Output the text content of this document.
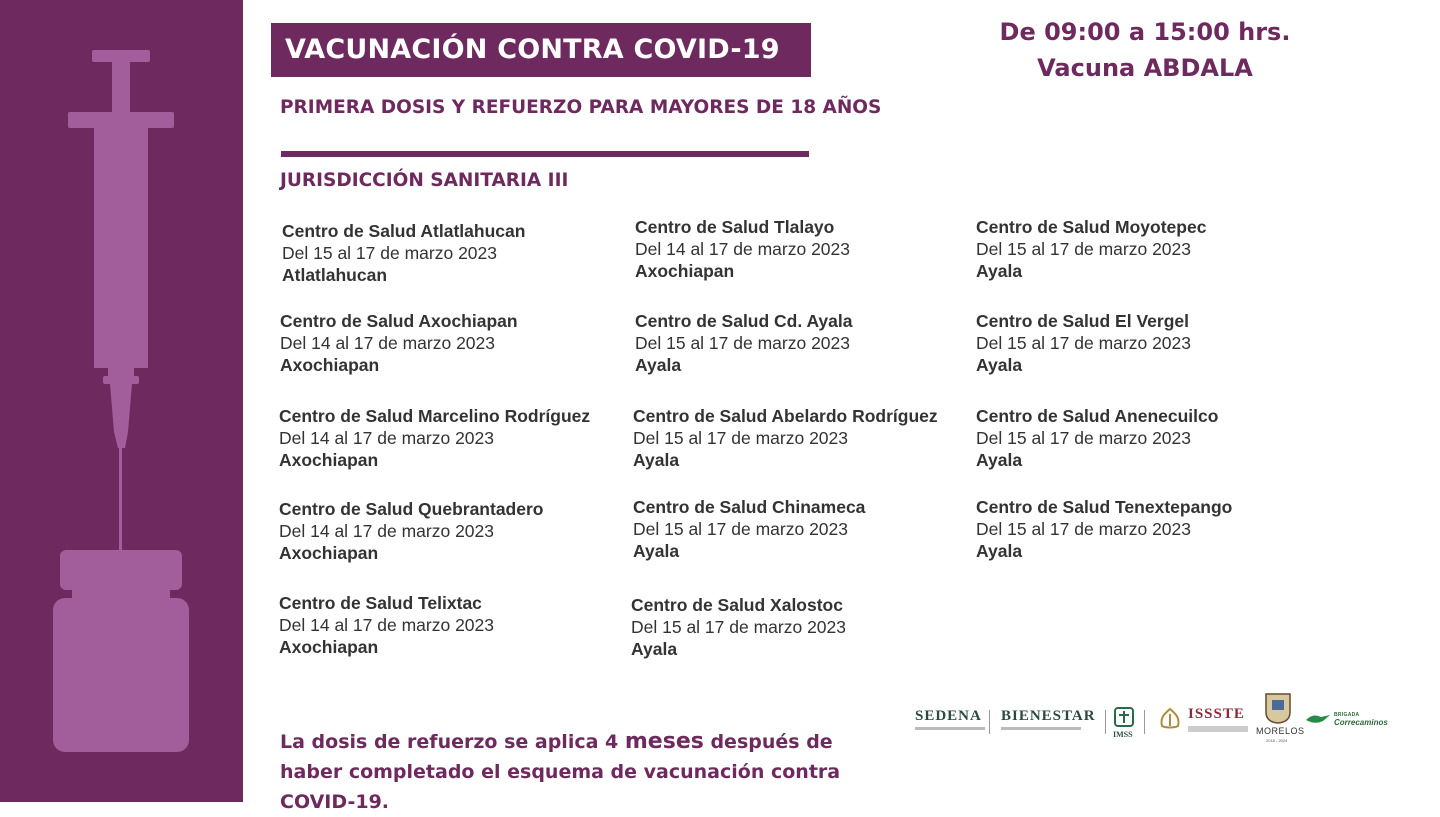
VACUNACIÓN CONTRA COVID-19
De 09:00 a 15:00 hrs.
Vacuna ABDALA
PRIMERA DOSIS Y REFUERZO PARA MAYORES DE 18 AÑOS
JURISDICCIÓN SANITARIA III
Centro de Salud Atlatlahucan
Del 15 al 17 de marzo 2023
Atlatlahucan
Centro de Salud Axochiapan
Del 14 al 17 de marzo 2023
Axochiapan
Centro de Salud Marcelino Rodríguez
Del 14 al 17 de marzo 2023
Axochiapan
Centro de Salud Quebrantadero
Del 14 al 17 de marzo 2023
Axochiapan
Centro de Salud Telixtac
Del 14 al 17 de marzo 2023
Axochiapan
Centro de Salud Tlalayo
Del 14 al 17 de marzo 2023
Axochiapan
Centro de Salud Cd. Ayala
Del 15 al 17 de marzo 2023
Ayala
Centro de Salud Abelardo Rodríguez
Del 15 al 17 de marzo 2023
Ayala
Centro de Salud Chinameca
Del 15 al 17 de marzo 2023
Ayala
Centro de Salud Xalostoc
Del 15 al 17 de marzo 2023
Ayala
Centro de Salud Moyotepec
Del 15 al 17 de marzo 2023
Ayala
Centro de Salud El Vergel
Del 15 al 17 de marzo 2023
Ayala
Centro de Salud Anenecuilco
Del 15 al 17 de marzo 2023
Ayala
Centro de Salud Tenextepango
Del 15 al 17 de marzo 2023
Ayala
La dosis de refuerzo se aplica 4 meses después de haber completado el esquema de vacunación contra COVID-19.
SEDENA BIENESTAR
IMSS
ISSSTE
MORELOS
2018 - 2024
BRIGADA
Correcaminos
